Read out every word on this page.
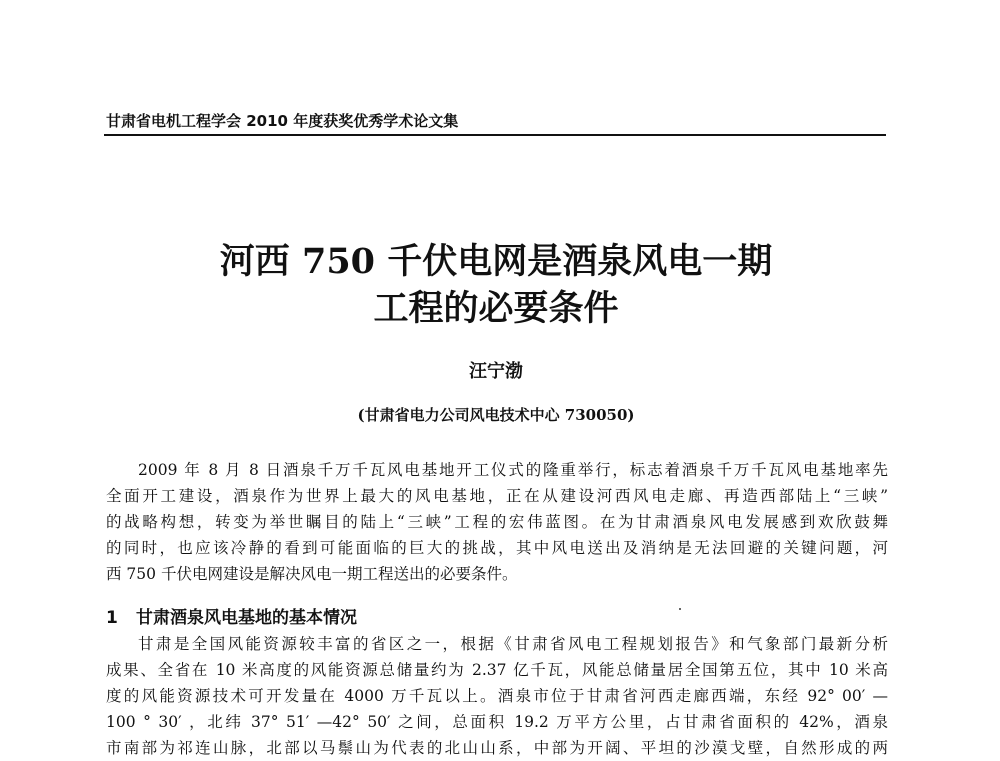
甘肃省电机工程学会 2010 年度获奖优秀学术论文集
河西 750 千伏电网是酒泉风电一期
工程的必要条件
汪宁渤
(甘肃省电力公司风电技术中心 730050)
2009 年 8 月 8 日酒泉千万千瓦风电基地开工仪式的隆重举行，标志着酒泉千万千瓦风电基地率先
全面开工建设，酒泉作为世界上最大的风电基地，正在从建设河西风电走廊、再造西部陆上“三峡”
的战略构想，转变为举世瞩目的陆上“三峡”工程的宏伟蓝图。在为甘肃酒泉风电发展感到欢欣鼓舞
的同时，也应该冷静的看到可能面临的巨大的挑战，其中风电送出及消纳是无法回避的关键问题，河
西 750 千伏电网建设是解决风电一期工程送出的必要条件。
1 甘肃酒泉风电基地的基本情况
甘肃是全国风能资源较丰富的省区之一，根据《甘肃省风电工程规划报告》和气象部门最新分析
成果、全省在 10 米高度的风能资源总储量约为 2.37 亿千瓦，风能总储量居全国第五位，其中 10 米高
度的风能资源技术可开发量在 4000 万千瓦以上。酒泉市位于甘肃省河西走廊西端，东经 92° 00′ —
100 ° 30′ ，北纬 37° 51′ —42° 50′ 之间，总面积 19.2 万平方公里，占甘肃省面积的 42%，酒泉
市南部为祁连山脉，北部以马鬃山为代表的北山山系，中部为开阔、平坦的沙漠戈壁，自然形成的两
